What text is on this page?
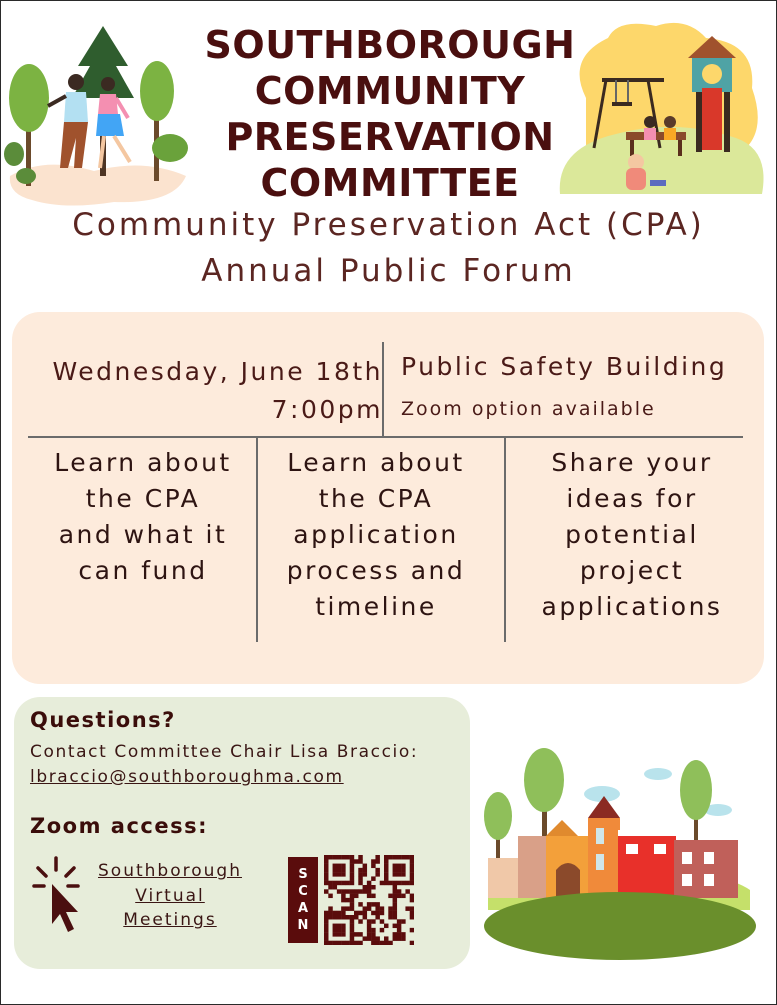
SOUTHBOROUGH
COMMUNITY
PRESERVATION
COMMITTEE
Community Preservation Act (CPA)
Annual Public Forum
Wednesday, June 18th
7:00pm
Public Safety Building
Zoom option available
Learn about
the CPA
and what it
can fund
Learn about
the CPA
application
process and
timeline
Share your
ideas for
potential
project
applications
Questions?
Contact Committee Chair Lisa Braccio:
lbraccio@southboroughma.com
Zoom access:
Southborough
Virtual
Meetings
S
C
A
N
